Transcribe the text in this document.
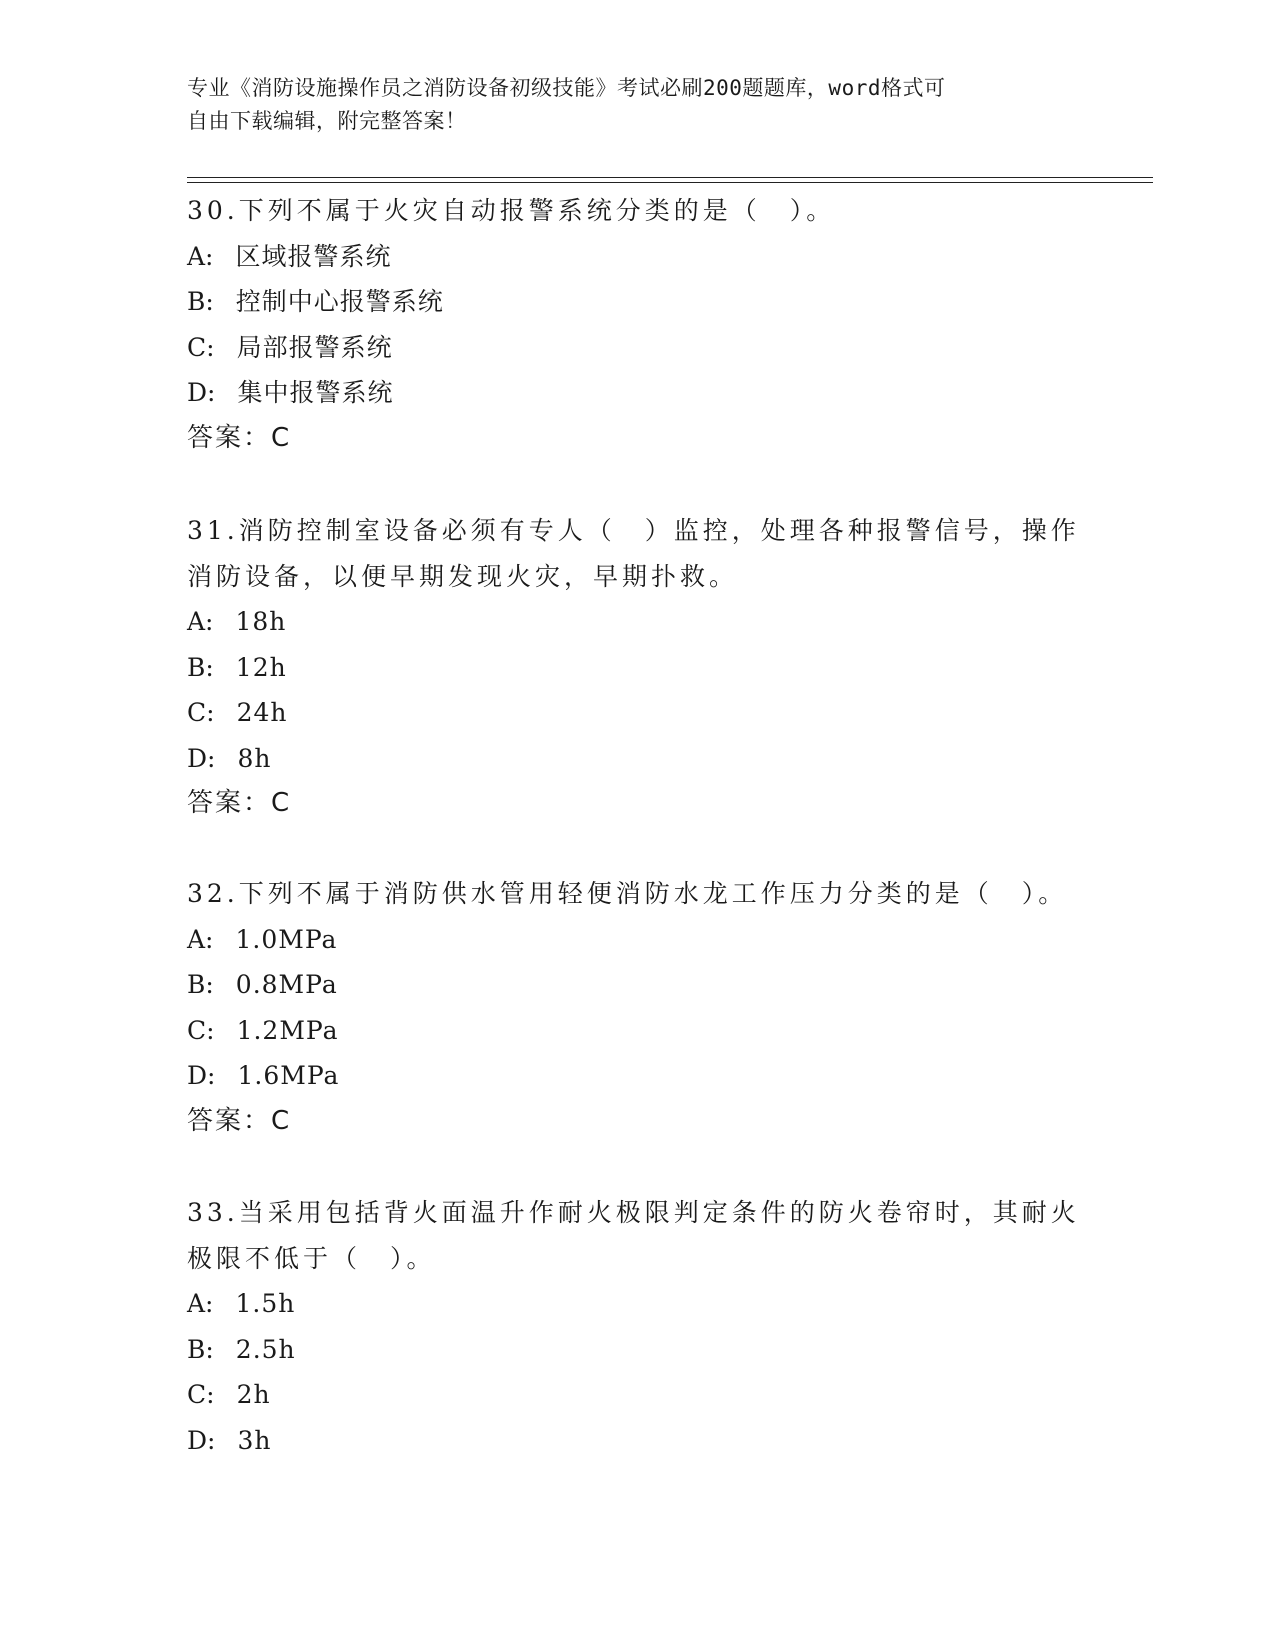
专业《消防设施操作员之消防设备初级技能》考试必刷200题题库，word格式可
自由下载编辑，附完整答案！
30.下列不属于火灾自动报警系统分类的是（　）。
A: 区域报警系统
B: 控制中心报警系统
C: 局部报警系统
D: 集中报警系统
答案：C
31.消防控制室设备必须有专人（　）监控，处理各种报警信号，操作
消防设备，以便早期发现火灾，早期扑救。
A: 18h
B: 12h
C: 24h
D: 8h
答案：C
32.下列不属于消防供水管用轻便消防水龙工作压力分类的是（　）。
A: 1.0MPa
B: 0.8MPa
C: 1.2MPa
D: 1.6MPa
答案：C
33.当采用包括背火面温升作耐火极限判定条件的防火卷帘时，其耐火
极限不低于（　）。
A: 1.5h
B: 2.5h
C: 2h
D: 3h
